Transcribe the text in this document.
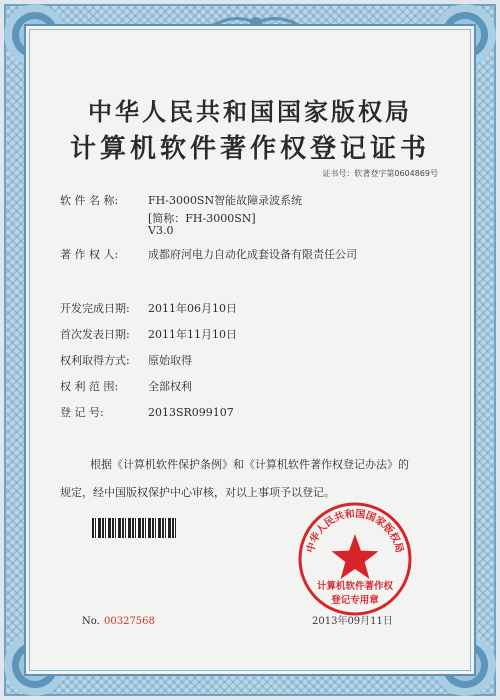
中华人民共和国国家版权局
计算机软件著作权登记证书
证书号：软著登字第0604869号
软 件 名 称:	FH-3000SN智能故障录波系统
[简称：FH-3000SN]
V3.0
著 作 权 人:	成都府河电力自动化成套设备有限责任公司
开发完成日期: 2011年06月10日
首次发表日期: 2011年11月10日
权利取得方式: 原始取得
权 利 范 围:	全部权利
登 记 号:	2013SR099107
根据《计算机软件保护条例》和《计算机软件著作权登记办法》的
规定，经中国版权保护中心审核，对以上事项予以登记。
中华人民共和国国家版权局
计算机软件著作权
登记专用章
No. 00327568	2013年09月11日
